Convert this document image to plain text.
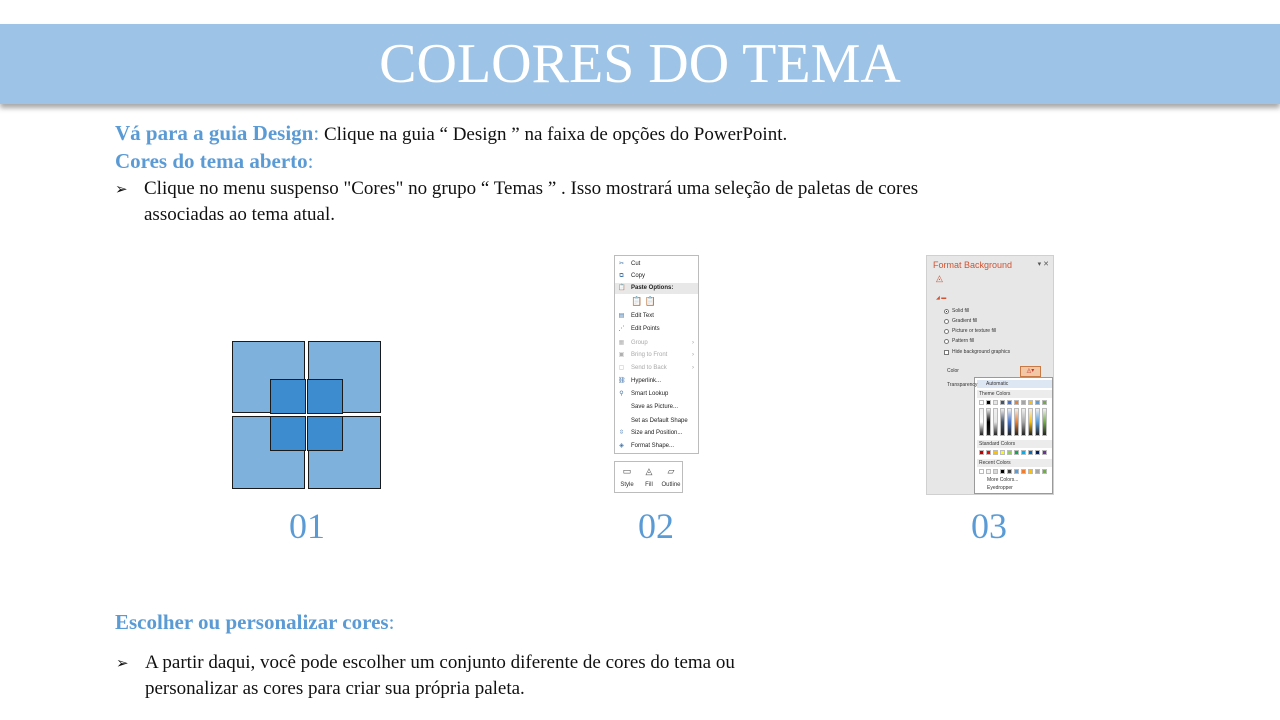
COLORES DO TEMA
Vá para a guia Design: Clique na guia “ Design ” na faixa de opções do PowerPoint.
Cores do tema aberto:
➢ Clique no menu suspenso "Cores" no grupo “ Temas ” . Isso mostrará uma seleção de paletas de cores
associadas ao tema atual.
✂ Cut
⧉ Copy
📋 Paste Options:
▤ Edit Text
⋰ Edit Points
▦ Group	›
▣ Bring to Front	›
▢ Send to Back	›
⛓ Hyperlink...
⚲ Smart Lookup
Save as Picture...
Set as Default Shape
⇳ Size and Position...
◈ Format Shape...
📋 📋
▭
Style
◬
Fill
▱
Outline
Format Background	▾ ✕
◬
◢ ▬
◬▾
Automatic
Theme Colors
Standard Colors
Recent Colors
More Colors...
Eyedropper
Solid fill
Gradient fill
Picture or texture fill
Pattern fill
Hide background graphics
Color
Transparency
01	02	03
Escolher ou personalizar cores:
➢ A partir daqui, você pode escolher um conjunto diferente de cores do tema ou
personalizar as cores para criar sua própria paleta.
